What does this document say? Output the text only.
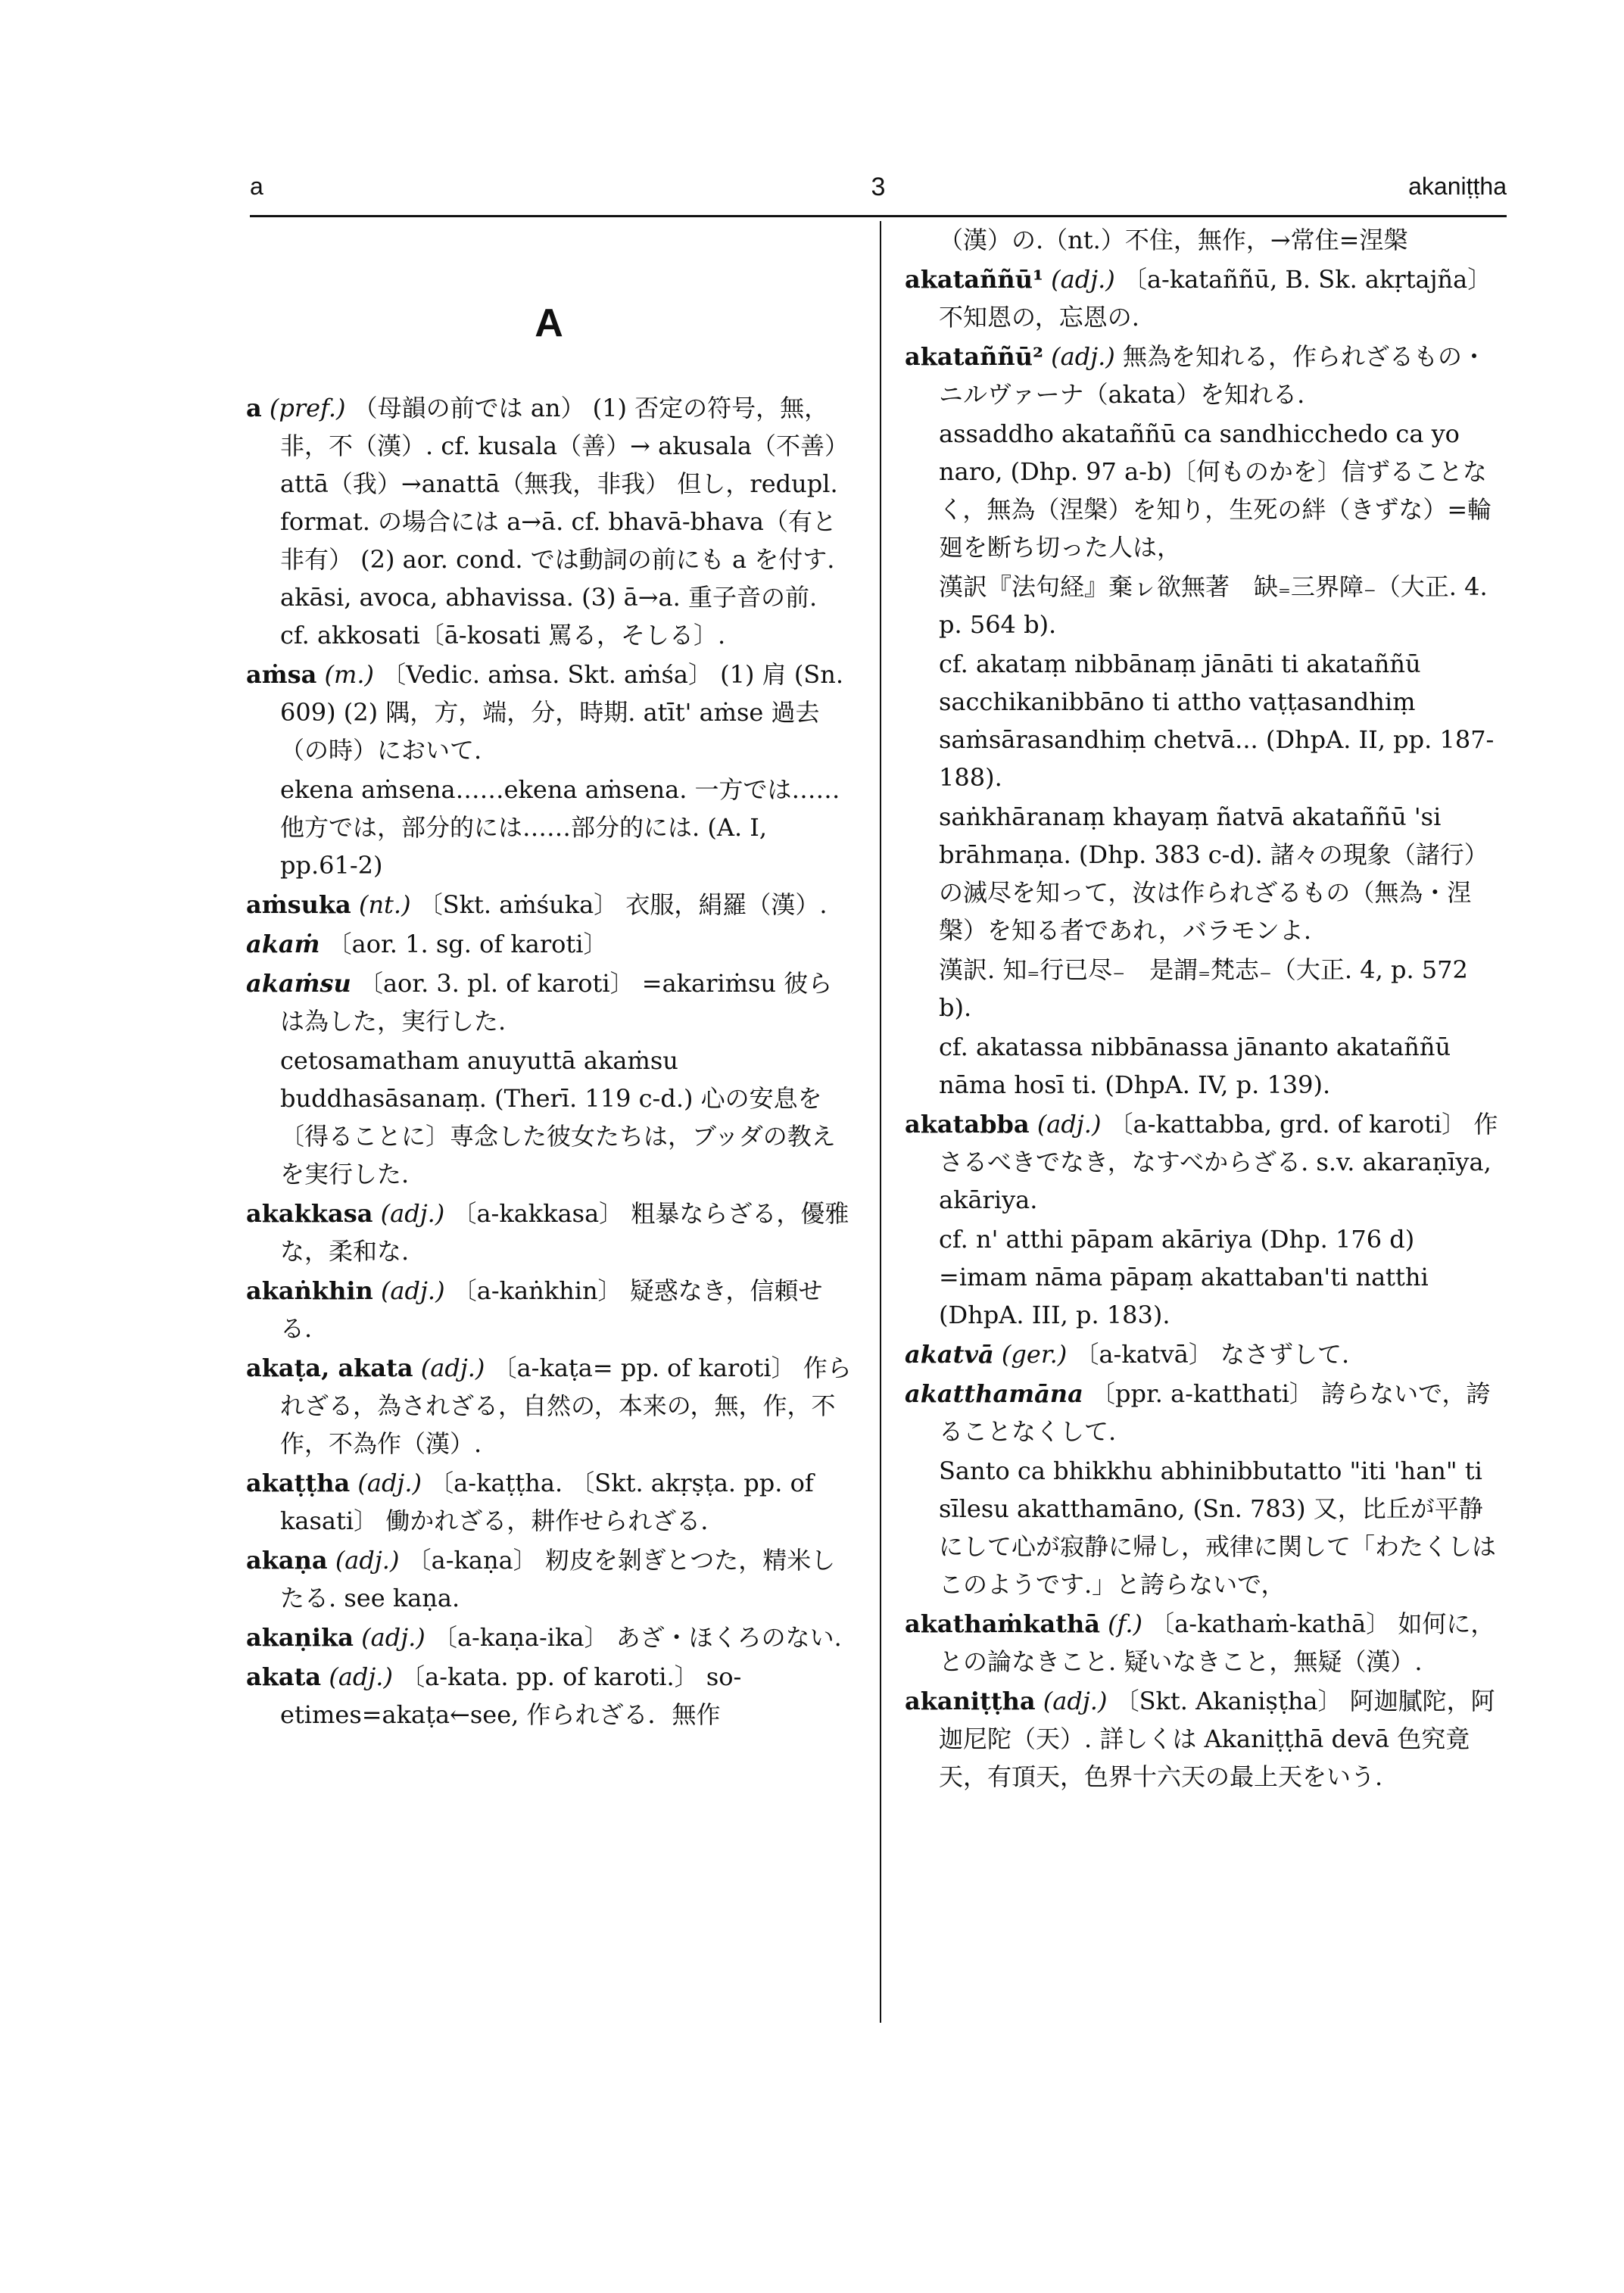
a	3	akaniṭṭha
A
a (pref.) （母韻の前では an） (1) 否定の符号，無，非，不（漢）. cf. kusala（善）→ akusala（不善） attā（我）→anattā（無我，非我） 但し，redupl. format. の場合には a→ā. cf. bhavā-bhava（有と非有） (2) aor. cond. では動詞の前にも a を付す. akāsi, avoca, abhavissa. (3) ā→a. 重子音の前. cf. akkosati〔ā-kosati 罵る，そしる〕.
aṁsa (m.) 〔Vedic. aṁsa. Skt. aṁśa〕 (1) 肩 (Sn. 609) (2) 隅，方，端，分，時期. atīt' aṁse 過去（の時）において.
ekena aṁsena……ekena aṁsena. 一方では……他方では，部分的には……部分的には. (A. I, pp.61-2)
aṁsuka (nt.) 〔Skt. aṁśuka〕 衣服，絹羅（漢）.
akaṁ 〔aor. 1. sg. of karoti〕
akaṁsu 〔aor. 3. pl. of karoti〕 =akariṁsu 彼らは為した，実行した.
cetosamatham anuyuttā akaṁsu buddhasāsanaṃ. (Therī. 119 c-d.) 心の安息を〔得ることに〕専念した彼女たちは，ブッダの教えを実行した.
akakkasa (adj.) 〔a-kakkasa〕 粗暴ならざる，優雅な，柔和な.
akaṅkhin (adj.) 〔a-kaṅkhin〕 疑惑なき，信頼せる.
akaṭa, akata (adj.) 〔a-kaṭa= pp. of karoti〕 作られざる，為されざる，自然の，本来の，無，作，不作，不為作（漢）.
akaṭṭha (adj.) 〔a-kaṭṭha. 〔Skt. akṛṣṭa. pp. of kasati〕 働かれざる，耕作せられざる.
akaṇa (adj.) 〔a-kaṇa〕 籾皮を剝ぎとつた，精米したる. see kaṇa.
akaṇika (adj.) 〔a-kaṇa-ika〕 あざ・ほくろのない.
akata (adj.) 〔a-kata. pp. of karoti.〕 so-etimes=akaṭa←see, 作られざる．無作
（漢）の.（nt.）不住，無作，→常住=涅槃
akataññū¹ (adj.) 〔a-kataññū, B. Sk. akṛtajña〕 不知恩の，忘恩の.
akataññū² (adj.) 無為を知れる，作られざるもの・ニルヴァーナ（akata）を知れる.
assaddho akataññū ca sandhicchedo ca yo naro, (Dhp. 97 a-b)〔何ものかを〕信ずることなく，無為（涅槃）を知り，生死の絆（きずな）=輪廻を断ち切った人は，
漢訳『法句経』棄ㇾ欲無著　缺₌三界障₋（大正. 4. p. 564 b).
cf. akataṃ nibbānaṃ jānāti ti akataññū sacchikanibbāno ti attho vaṭṭasandhiṃ saṁsārasandhiṃ chetvā... (DhpA. II, pp. 187-188).
saṅkhāranaṃ khayaṃ ñatvā akataññū 'si brāhmaṇa. (Dhp. 383 c-d). 諸々の現象（諸行）の滅尽を知って，汝は作られざるもの（無為・涅槃）を知る者であれ，バラモンよ.
漢訳. 知₌行已尽₋　是謂₌梵志₋（大正. 4, p. 572 b).
cf. akatassa nibbānassa jānanto akataññū nāma hosī ti. (DhpA. IV, p. 139).
akatabba (adj.) 〔a-kattabba, grd. of karoti〕 作さるべきでなき，なすべからざる. s.v. akaraṇīya, akāriya.
cf. n' atthi pāpam akāriya (Dhp. 176 d) =imam nāma pāpaṃ akattaban'ti natthi (DhpA. III, p. 183).
akatvā (ger.) 〔a-katvā〕 なさずして.
akatthamāna 〔ppr. a-katthati〕 誇らないで，誇ることなくして.
Santo ca bhikkhu abhinibbutatto "iti 'han" ti sīlesu akatthamāno, (Sn. 783) 又，比丘が平静にして心が寂静に帰し，戒律に関して「わたくしはこのようです.」と誇らないで，
akathaṁkathā (f.) 〔a-kathaṁ-kathā〕 如何に，との論なきこと. 疑いなきこと，無疑（漢）.
akaniṭṭha (adj.) 〔Skt. Akaniṣṭha〕 阿迦膩陀，阿迦尼陀（天）. 詳しくは Akaniṭṭhā devā 色究竟天，有頂天，色界十六天の最上天をいう.
